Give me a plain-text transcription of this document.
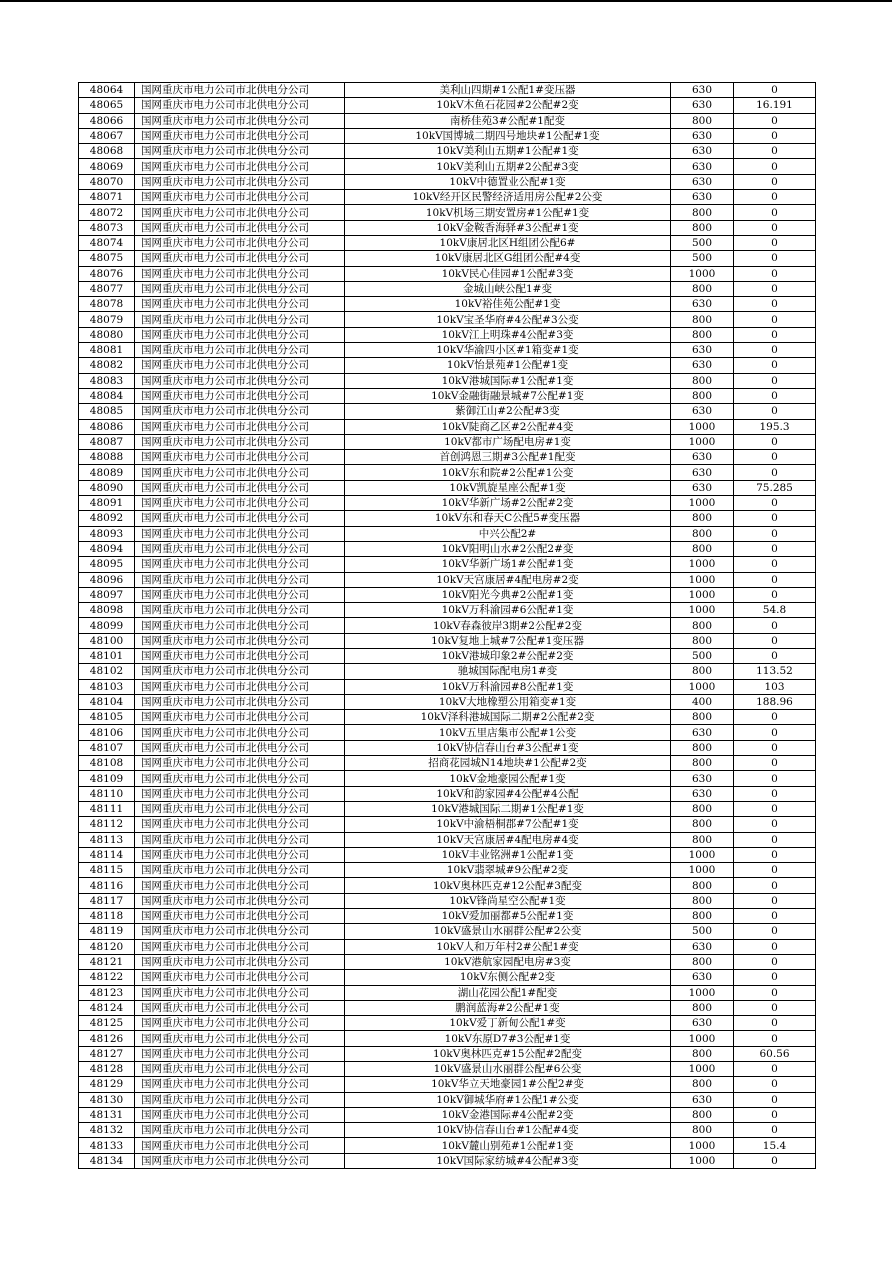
48064	国网重庆市电力公司市北供电分公司	美利山四期#1公配1#变压器	630	0
48065	国网重庆市电力公司市北供电分公司	10kV木鱼石花园#2公配#2变	630	16.191
48066	国网重庆市电力公司市北供电分公司	南桥佳苑3#公配#1配变	800	0
48067	国网重庆市电力公司市北供电分公司	10kV国博城二期四号地块#1公配#1变	630	0
48068	国网重庆市电力公司市北供电分公司	10kV美利山五期#1公配#1变	630	0
48069	国网重庆市电力公司市北供电分公司	10kV美利山五期#2公配#3变	630	0
48070	国网重庆市电力公司市北供电分公司	10kV中德置业公配#1变	630	0
48071	国网重庆市电力公司市北供电分公司	10kV经开区民警经济适用房公配#2公变	630	0
48072	国网重庆市电力公司市北供电分公司	10kV机场三期安置房#1公配#1变	800	0
48073	国网重庆市电力公司市北供电分公司	10kV金鞍香海驿#3公配#1变	800	0
48074	国网重庆市电力公司市北供电分公司	10kV康居北区H组团公配6#	500	0
48075	国网重庆市电力公司市北供电分公司	10kV康居北区G组团公配#4变	500	0
48076	国网重庆市电力公司市北供电分公司	10kV民心佳园#1公配#3变	1000	0
48077	国网重庆市电力公司市北供电分公司	金城山峡公配1#变	800	0
48078	国网重庆市电力公司市北供电分公司	10kV裕佳苑公配#1变	630	0
48079	国网重庆市电力公司市北供电分公司	10kV宝圣华府#4公配#3公变	800	0
48080	国网重庆市电力公司市北供电分公司	10kV江上明珠#4公配#3变	800	0
48081	国网重庆市电力公司市北供电分公司	10kV华渝四小区#1箱变#1变	630	0
48082	国网重庆市电力公司市北供电分公司	10kV怡景苑#1公配#1变	630	0
48083	国网重庆市电力公司市北供电分公司	10kV港城国际#1公配#1变	800	0
48084	国网重庆市电力公司市北供电分公司	10kV金融街融景城#7公配#1变	800	0
48085	国网重庆市电力公司市北供电分公司	紫御江山#2公配#3变	630	0
48086	国网重庆市电力公司市北供电分公司	10kV陡商乙区#2公配#4变	1000	195.3
48087	国网重庆市电力公司市北供电分公司	10kV都市广场配电房#1变	1000	0
48088	国网重庆市电力公司市北供电分公司	首创鸿恩三期#3公配#1配变	630	0
48089	国网重庆市电力公司市北供电分公司	10kV东和院#2公配#1公变	630	0
48090	国网重庆市电力公司市北供电分公司	10kV凯旋星座公配#1变	630	75.285
48091	国网重庆市电力公司市北供电分公司	10kV华新广场#2公配#2变	1000	0
48092	国网重庆市电力公司市北供电分公司	10kV东和春天C公配5#变压器	800	0
48093	国网重庆市电力公司市北供电分公司	中兴公配2#	800	0
48094	国网重庆市电力公司市北供电分公司	10kV阳明山水#2公配2#变	800	0
48095	国网重庆市电力公司市北供电分公司	10kV华新广场1#公配#1变	1000	0
48096	国网重庆市电力公司市北供电分公司	10kV天宫康居#4配电房#2变	1000	0
48097	国网重庆市电力公司市北供电分公司	10kV阳光今典#2公配#1变	1000	0
48098	国网重庆市电力公司市北供电分公司	10kV万科渝园#6公配#1变	1000	54.8
48099	国网重庆市电力公司市北供电分公司	10kV春森彼岸3期#2公配#2变	800	0
48100	国网重庆市电力公司市北供电分公司	10kV复地上城#7公配#1变压器	800	0
48101	国网重庆市电力公司市北供电分公司	10kV港城印象2#公配#2变	500	0
48102	国网重庆市电力公司市北供电分公司	驰城国际配电房1#变	800	113.52
48103	国网重庆市电力公司市北供电分公司	10kV万科渝园#8公配#1变	1000	103
48104	国网重庆市电力公司市北供电分公司	10kV大地橡塑公用箱变#1变	400	188.96
48105	国网重庆市电力公司市北供电分公司	10kV泽科港城国际二期#2公配#2变	800	0
48106	国网重庆市电力公司市北供电分公司	10kV五里店集市公配#1公变	630	0
48107	国网重庆市电力公司市北供电分公司	10kV协信春山台#3公配#1变	800	0
48108	国网重庆市电力公司市北供电分公司	招商花园城N14地块#1公配#2变	800	0
48109	国网重庆市电力公司市北供电分公司	10kV金地豪园公配#1变	630	0
48110	国网重庆市电力公司市北供电分公司	10kV和韵家园#4公配#4公配	630	0
48111	国网重庆市电力公司市北供电分公司	10kV港城国际二期#1公配#1变	800	0
48112	国网重庆市电力公司市北供电分公司	10kV中渝梧桐郡#7公配#1变	800	0
48113	国网重庆市电力公司市北供电分公司	10kV天宫康居#4配电房#4变	800	0
48114	国网重庆市电力公司市北供电分公司	10kV丰业铭洲#1公配#1变	1000	0
48115	国网重庆市电力公司市北供电分公司	10kV翡翠城#9公配#2变	1000	0
48116	国网重庆市电力公司市北供电分公司	10kV奥林匹克#12公配#3配变	800	0
48117	国网重庆市电力公司市北供电分公司	10kV锋尚星空公配#1变	800	0
48118	国网重庆市电力公司市北供电分公司	10kV爱加丽都#5公配#1变	800	0
48119	国网重庆市电力公司市北供电分公司	10kV盛景山水丽群公配#2公变	500	0
48120	国网重庆市电力公司市北供电分公司	10kV人和万年村2#公配1#变	630	0
48121	国网重庆市电力公司市北供电分公司	10kV港航家园配电房#3变	800	0
48122	国网重庆市电力公司市北供电分公司	10kV东侧公配#2变	630	0
48123	国网重庆市电力公司市北供电分公司	湖山花园公配1#配变	1000	0
48124	国网重庆市电力公司市北供电分公司	鹏润蓝海#2公配#1变	800	0
48125	国网重庆市电力公司市北供电分公司	10kV爱丁新甸公配1#变	630	0
48126	国网重庆市电力公司市北供电分公司	10kV东原D7#3公配#1变	1000	0
48127	国网重庆市电力公司市北供电分公司	10kV奥林匹克#15公配#2配变	800	60.56
48128	国网重庆市电力公司市北供电分公司	10kV盛景山水丽群公配#6公变	1000	0
48129	国网重庆市电力公司市北供电分公司	10kV华立天地豪园1#公配2#变	800	0
48130	国网重庆市电力公司市北供电分公司	10kV御城华府#1公配1#公变	630	0
48131	国网重庆市电力公司市北供电分公司	10kV金港国际#4公配#2变	800	0
48132	国网重庆市电力公司市北供电分公司	10kV协信春山台#1公配#4变	800	0
48133	国网重庆市电力公司市北供电分公司	10kV麓山别苑#1公配#1变	1000	15.4
48134	国网重庆市电力公司市北供电分公司	10kV国际家纺城#4公配#3变	1000	0
